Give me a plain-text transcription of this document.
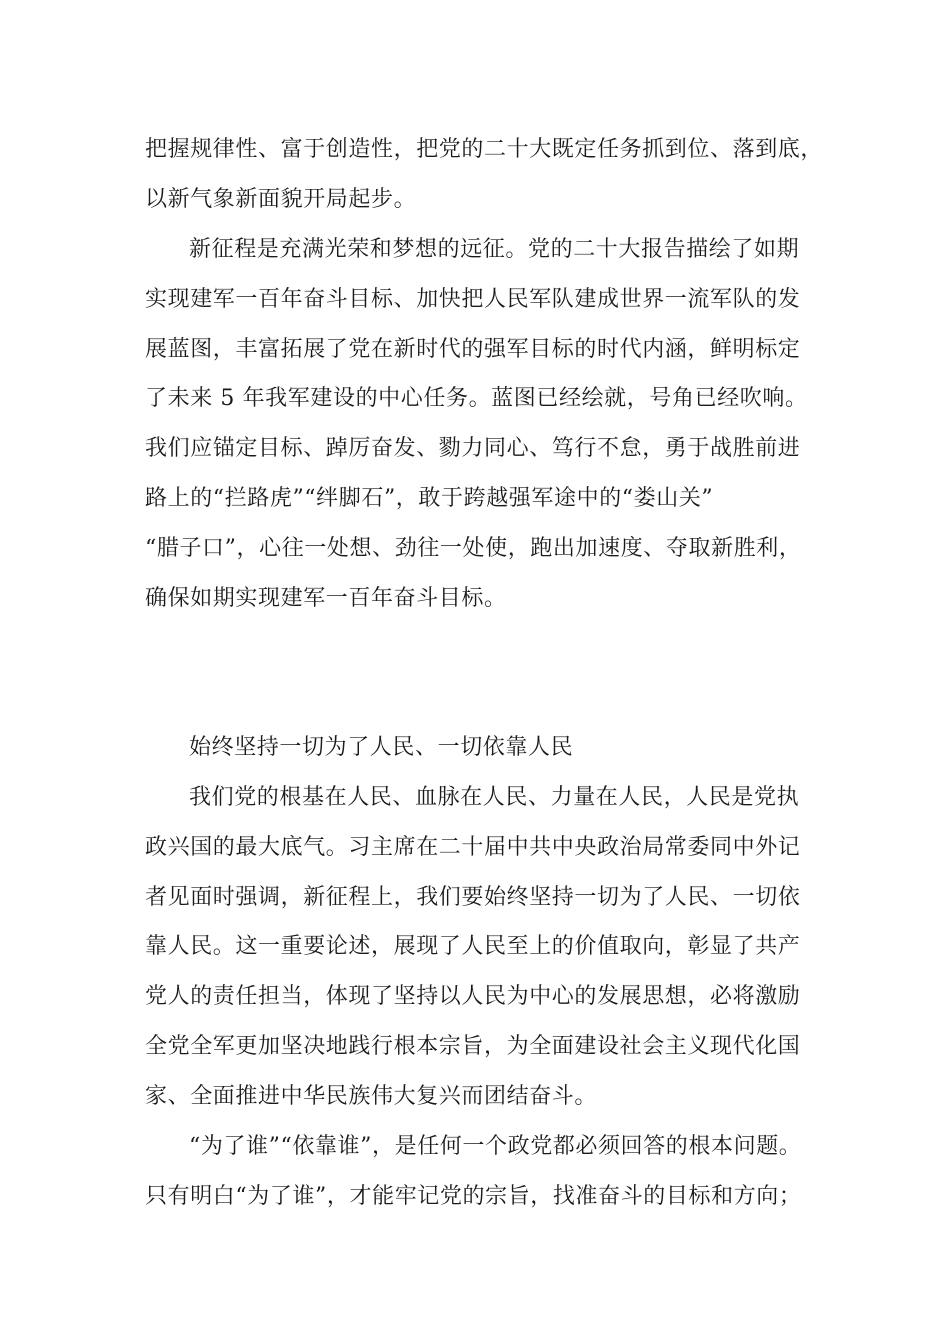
把握规律性、富于创造性，把党的二十大既定任务抓到位、落到底，
以新气象新面貌开局起步。
新征程是充满光荣和梦想的远征。党的二十大报告描绘了如期
实现建军一百年奋斗目标、加快把人民军队建成世界一流军队的发
展蓝图，丰富拓展了党在新时代的强军目标的时代内涵，鲜明标定
了未来 5 年我军建设的中心任务。蓝图已经绘就，号角已经吹响。
我们应锚定目标、踔厉奋发、勠力同心、笃行不怠，勇于战胜前进
路上的“拦路虎”“绊脚石”，敢于跨越强军途中的“娄山关”
“腊子口”，心往一处想、劲往一处使，跑出加速度、夺取新胜利，
确保如期实现建军一百年奋斗目标。
始终坚持一切为了人民、一切依靠人民
我们党的根基在人民、血脉在人民、力量在人民，人民是党执
政兴国的最大底气。习主席在二十届中共中央政治局常委同中外记
者见面时强调，新征程上，我们要始终坚持一切为了人民、一切依
靠人民。这一重要论述，展现了人民至上的价值取向，彰显了共产
党人的责任担当，体现了坚持以人民为中心的发展思想，必将激励
全党全军更加坚决地践行根本宗旨，为全面建设社会主义现代化国
家、全面推进中华民族伟大复兴而团结奋斗。
“为了谁”“依靠谁”，是任何一个政党都必须回答的根本问题。
只有明白“为了谁”，才能牢记党的宗旨，找准奋斗的目标和方向；
